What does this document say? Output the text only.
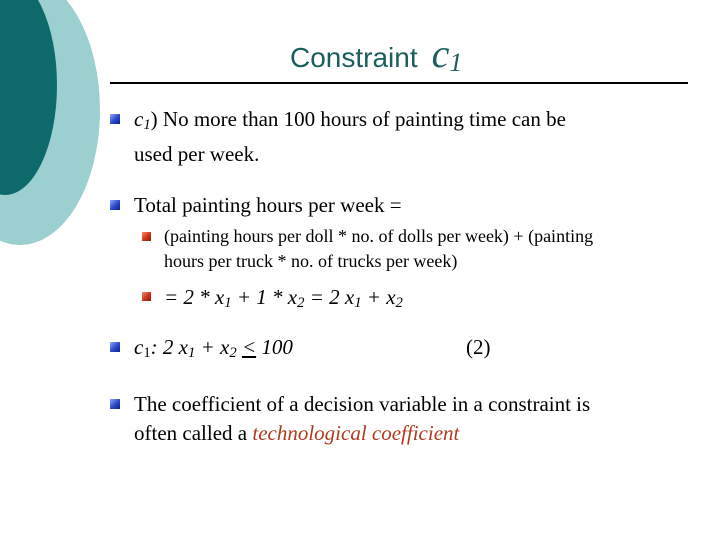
Constraint $c_1$
$c_1$) No more than 100 hours of painting time can be
used per week.
Total painting hours per week =
(painting hours per doll * no. of dolls per week) + (painting
hours per truck * no. of trucks per week)
= $2 * x_1 + 1 * x_2 = 2$ $x_1 + x_2$
$c_1$: 2 $x_1 + x_2 < 100$	(2)
The coefficient of a decision variable in a constraint is
often called a technological coefficient
